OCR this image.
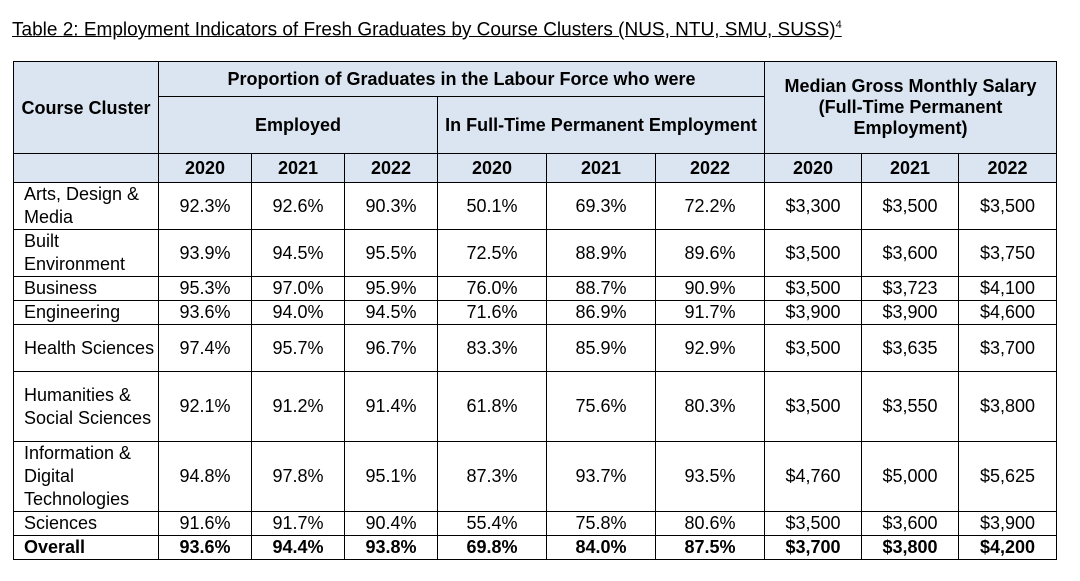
Table 2: Employment Indicators of Fresh Graduates by Course Clusters (NUS, NTU, SMU, SUSS)$^4$
Course Cluster	Proportion of Graduates in the Labour Force who were						Median Gross Monthly Salary (Full-Time Permanent Employment)		
	Employed			In Full-Time Permanent Employment					
	2020	2021	2022	2020	2021	2022	2020	2021	2022
Arts, Design & Media	92.3%	92.6%	90.3%	50.1%	69.3%	72.2%	$3,300	$3,500	$3,500
Built Environment	93.9%	94.5%	95.5%	72.5%	88.9%	89.6%	$3,500	$3,600	$3,750
Business	95.3%	97.0%	95.9%	76.0%	88.7%	90.9%	$3,500	$3,723	$4,100
Engineering	93.6%	94.0%	94.5%	71.6%	86.9%	91.7%	$3,900	$3,900	$4,600
Health Sciences	97.4%	95.7%	96.7%	83.3%	85.9%	92.9%	$3,500	$3,635	$3,700
Humanities & Social Sciences	92.1%	91.2%	91.4%	61.8%	75.6%	80.3%	$3,500	$3,550	$3,800
Information & Digital Technologies	94.8%	97.8%	95.1%	87.3%	93.7%	93.5%	$4,760	$5,000	$5,625
Sciences	91.6%	91.7%	90.4%	55.4%	75.8%	80.6%	$3,500	$3,600	$3,900
Overall	93.6%	94.4%	93.8%	69.8%	84.0%	87.5%	$3,700	$3,800	$4,200
